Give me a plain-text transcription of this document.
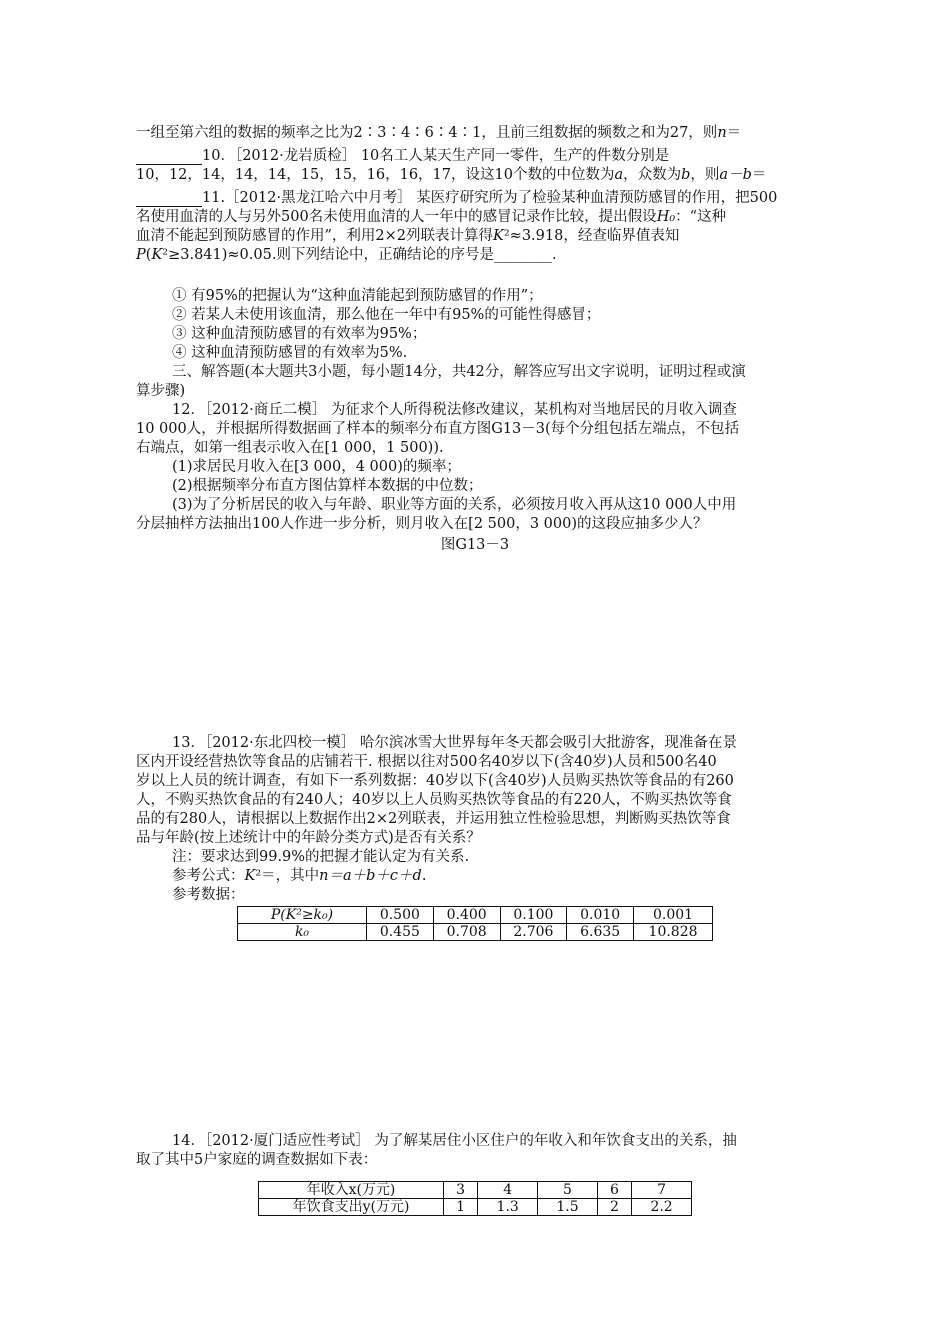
一组至第六组的数据的频率之比为2∶3∶4∶6∶4∶1，且前三组数据的频数之和为27，则n＝
10．［2012·龙岩质检］ 10名工人某天生产同一零件，生产的件数分别是
10，12，14，14，14，15，15，16，16，17，设这10个数的中位数为a，众数为b，则a－b＝
11.［2012·黑龙江哈六中月考］ 某医疗研究所为了检验某种血清预防感冒的作用，把500
名使用血清的人与另外500名未使用血清的人一年中的感冒记录作比较，提出假设H₀：“这种
血清不能起到预防感冒的作用”，利用2×2列联表计算得K²≈3.918，经查临界值表知
P(K²≥3.841)≈0.05.则下列结论中，正确结论的序号是________.
① 有95%的把握认为“这种血清能起到预防感冒的作用”；
② 若某人未使用该血清，那么他在一年中有95%的可能性得感冒；
③ 这种血清预防感冒的有效率为95%；
④ 这种血清预防感冒的有效率为5%.
三、解答题(本大题共3小题，每小题14分，共42分，解答应写出文字说明，证明过程或演
算步骤)
12．［2012·商丘二模］ 为征求个人所得税法修改建议，某机构对当地居民的月收入调查
10 000人，并根据所得数据画了样本的频率分布直方图G13－3(每个分组包括左端点，不包括
右端点，如第一组表示收入在[1 000，1 500)).
(1)求居民月收入在[3 000，4 000)的频率；
(2)根据频率分布直方图估算样本数据的中位数；
(3)为了分析居民的收入与年龄、职业等方面的关系，必须按月收入再从这10 000人中用
分层抽样方法抽出100人作进一步分析，则月收入在[2 500，3 000)的这段应抽多少人？
图G13－3
13．［2012·东北四校一模］ 哈尔滨冰雪大世界每年冬天都会吸引大批游客，现准备在景
区内开设经营热饮等食品的店铺若干. 根据以往对500名40岁以下(含40岁)人员和500名40
岁以上人员的统计调查，有如下一系列数据：40岁以下(含40岁)人员购买热饮等食品的有260
人，不购买热饮食品的有240人；40岁以上人员购买热饮等食品的有220人，不购买热饮等食
品的有280人，请根据以上数据作出2×2列联表，并运用独立性检验思想，判断购买热饮等食
品与年龄(按上述统计中的年龄分类方式)是否有关系？
注：要求达到99.9%的把握才能认定为有关系.
参考公式：K²＝，其中n＝a＋b＋c＋d.
参考数据：
P(K²≥k₀)	0.500	0.400	0.100	0.010	0.001
k₀	0.455	0.708	2.706	6.635	10.828
14．［2012·厦门适应性考试］ 为了解某居住小区住户的年收入和年饮食支出的关系，抽
取了其中5户家庭的调查数据如下表：
年收入x(万元)	3	4	5	6	7
年饮食支出y(万元)	1	1.3	1.5	2	2.2
